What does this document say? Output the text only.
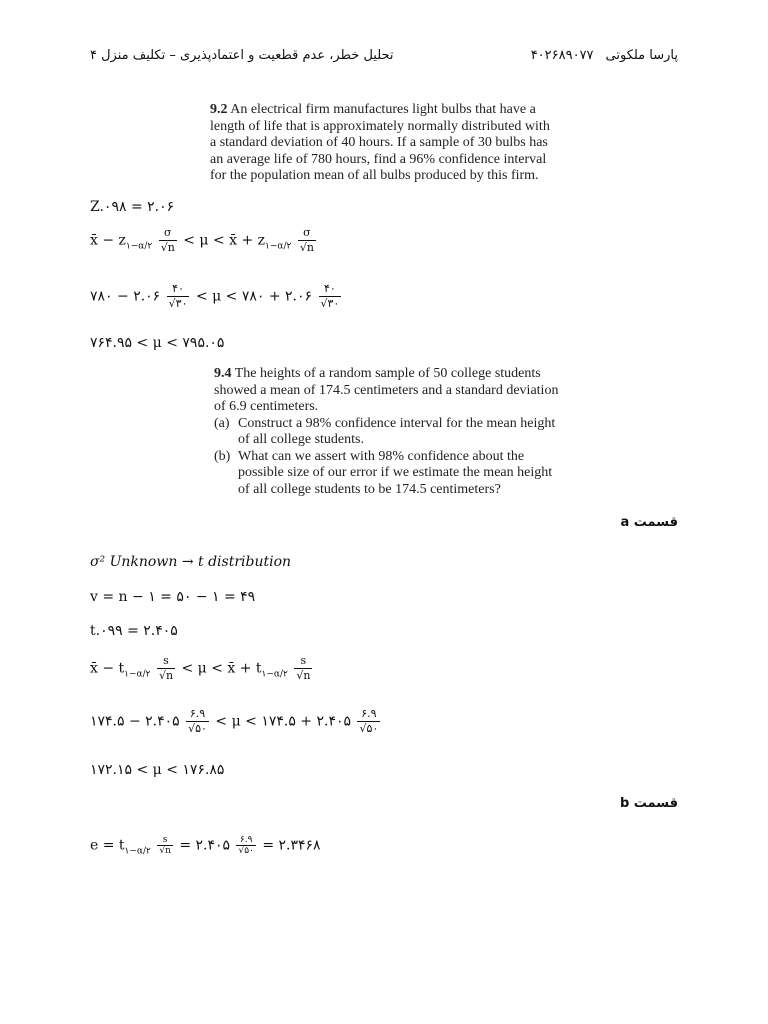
پارسا ملکوتی۴۰۲۶۸۹۰۷۷
تحلیل خطر، عدم قطعیت و اعتمادپذیری – تکلیف منزل ۴
9.2 An electrical firm manufactures light bulbs that have a length of life that is approximately normally distributed with a standard deviation of 40 hours. If a sample of 30 bulbs has an average life of 780 hours, find a 96% confidence interval for the population mean of all bulbs produced by this firm.
Z.۰۹۸ = ۲.۰۶
x̄ − $z_{۱-\alpha/۲} \frac{\sigma}{√n} < \mu$ < x̄ + $z_{۱-\alpha/۲} \frac{\sigma}{√n}$
۷۸۰ − ۲.۰۶ $\frac{۴۰}{√۳۰} < \mu$ < ۷۸۰ + ۲.۰۶ $\frac{۴۰}{√۳۰}$
۷۶۴.۹۵ < μ < ۷۹۵.۰۵
9.4 The heights of a random sample of 50 college students showed a mean of 174.5 centimeters and a standard deviation of 6.9 centimeters.
(a) Construct a 98% confidence interval for the mean height of all college students.
(b) What can we assert with 98% confidence about the possible size of our error if we estimate the mean height of all college students to be 174.5 centimeters?
قسمت a
σ² Unknown → t distribution
v = n − ۱ = ۵۰ − ۱ = ۴۹
t.۰۹۹ = ۲.۴۰۵
x̄ − $t_{۱-\alpha/۲} \frac{s}{√n} < \mu$ < x̄ + $t_{۱-\alpha/۲} \frac{s}{√n}$
۱۷۴.۵ − ۲.۴۰۵ $\frac{۶.۹}{√۵۰} < \mu$ < ۱۷۴.۵ + ۲.۴۰۵ $\frac{۶.۹}{√۵۰}$
۱۷۲.۱۵ < μ < ۱۷۶.۸۵
قسمت b
$e = t_{۱-\alpha/۲} \frac{s}{√n}$ = ۲.۴۰۵ $\frac{۶.۹}{√۵۰}$ = ۲.۳۴۶۸
